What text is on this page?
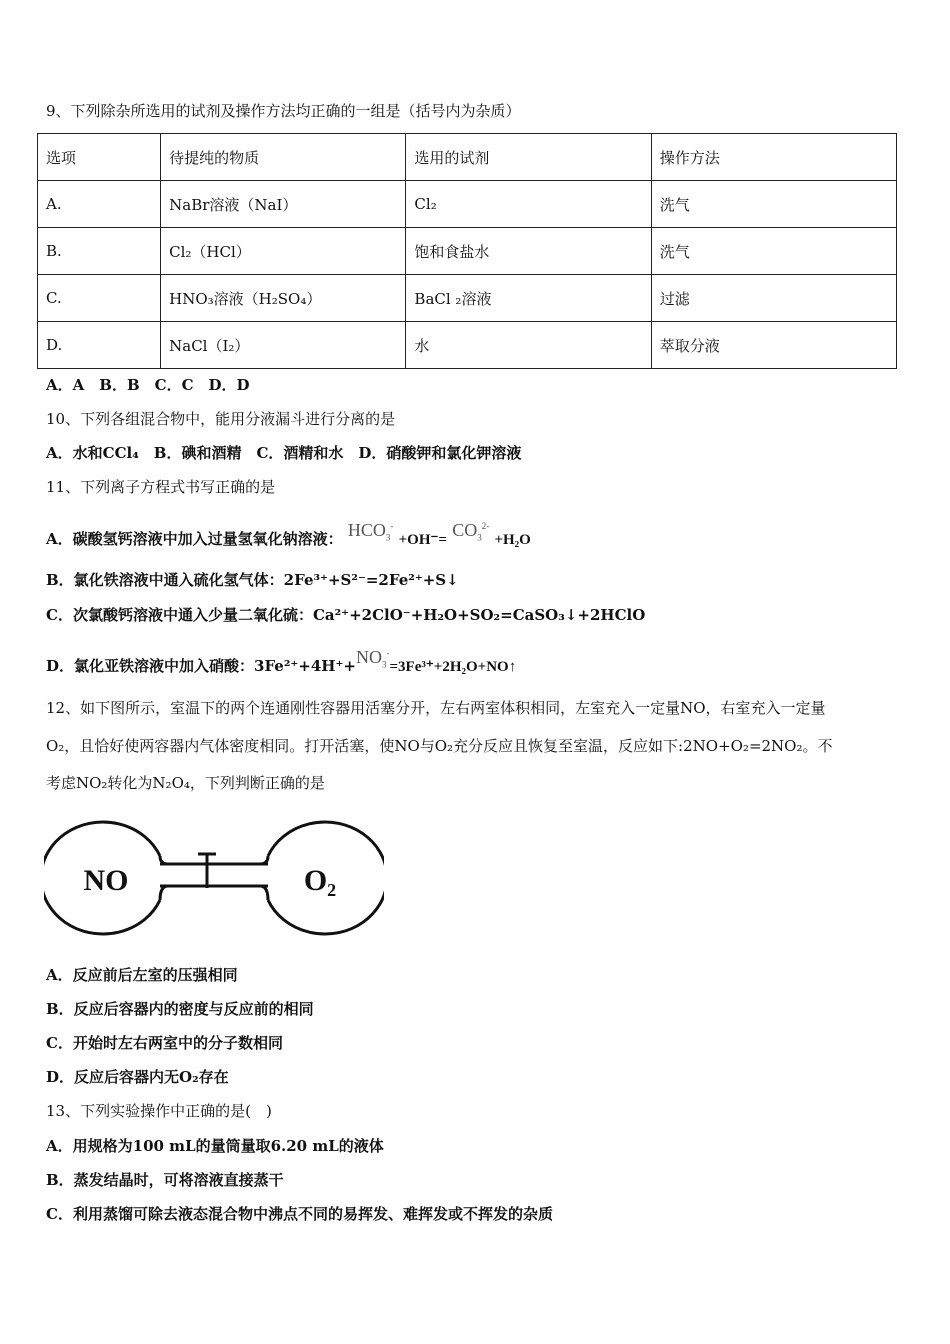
9、下列除杂所选用的试剂及操作方法均正确的一组是（括号内为杂质）
选项	待提纯的物质	选用的试剂	操作方法
A.	NaBr溶液（NaI）	Cl₂	洗气
B.	Cl₂（HCl）	饱和食盐水	洗气
C.	HNO₃溶液（H₂SO₄）	BaCl ₂溶液	过滤
D.	NaCl（I₂）	水	萃取分液
A．A　B．B　C．C　D．D
10、下列各组混合物中，能用分液漏斗进行分离的是
A．水和CCl₄　B．碘和酒精　C．酒精和水　D．硝酸钾和氯化钾溶液
11、下列离子方程式书写正确的是
A．碳酸氢钙溶液中加入过量氢氧化钠溶液： $HCO_3^- +OH^-= CO_3^{2-} +H_2O$
B．氯化铁溶液中通入硫化氢气体：2Fe³⁺+S²⁻=2Fe²⁺+S↓
C．次氯酸钙溶液中通入少量二氧化硫：Ca²⁺+2ClO⁻+H₂O+SO₂=CaSO₃↓+2HClO
D．氯化亚铁溶液中加入硝酸：$3Fe^{2+}+4H^++NO_3^-=3Fe^{3+}+2H_2O+NO↑$
12、如下图所示，室温下的两个连通刚性容器用活塞分开，左右两室体积相同，左室充入一定量NO，右室充入一定量
O₂，且恰好使两容器内气体密度相同。打开活塞，使NO与O₂充分反应且恢复至室温，反应如下:2NO+O₂=2NO₂。不
考虑NO₂转化为N₂O₄，下列判断正确的是
NO	O₂
A．反应前后左室的压强相同
B．反应后容器内的密度与反应前的相同
C．开始时左右两室中的分子数相同
D．反应后容器内无O₂存在
13、下列实验操作中正确的是(　)
A．用规格为100 mL的量筒量取6.20 mL的液体
B．蒸发结晶时，可将溶液直接蒸干
C．利用蒸馏可除去液态混合物中沸点不同的易挥发、难挥发或不挥发的杂质
